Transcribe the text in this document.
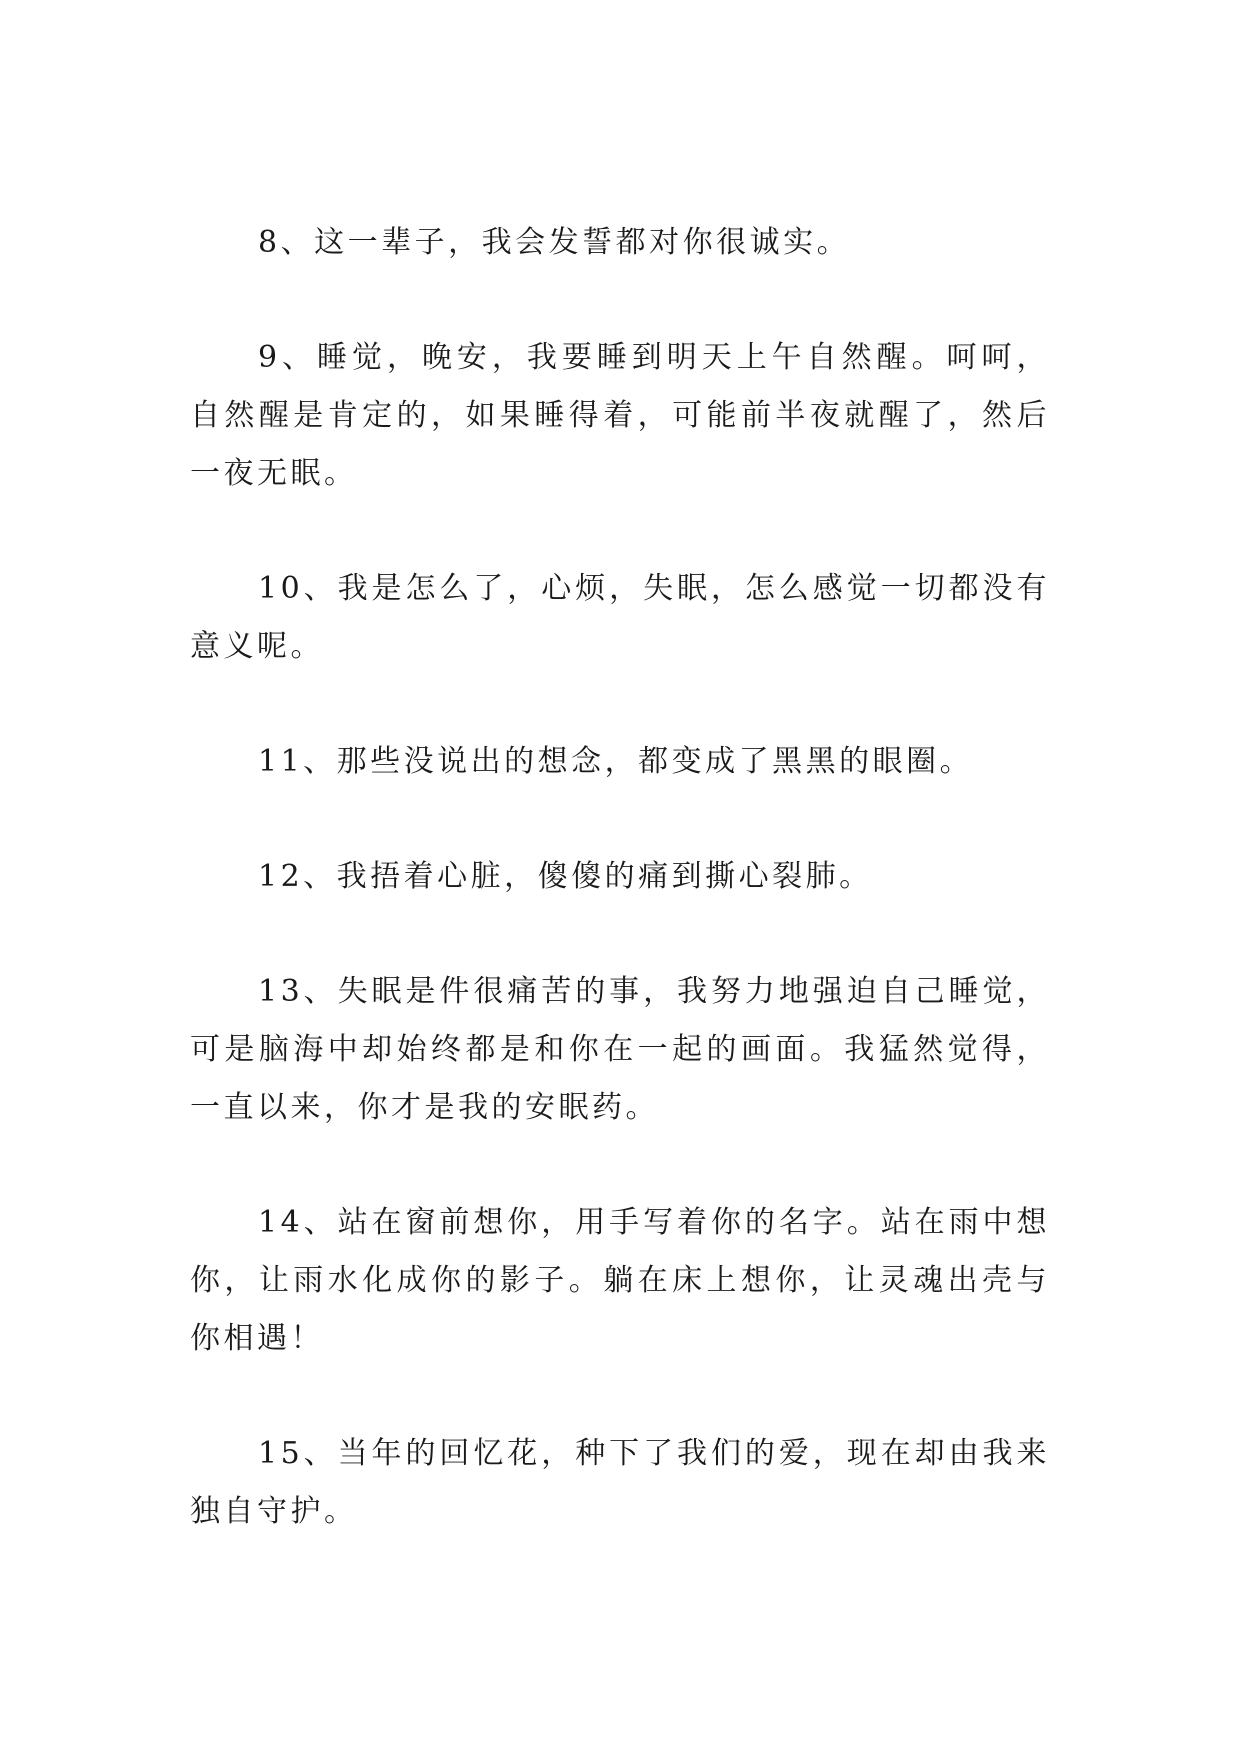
8、这一辈子，我会发誓都对你很诚实。

9、睡觉，晚安，我要睡到明天上午自然醒。呵呵，自然醒是肯定的，如果睡得着，可能前半夜就醒了，然后一夜无眠。

10、我是怎么了，心烦，失眠，怎么感觉一切都没有意义呢。

11、那些没说出的想念，都变成了黑黑的眼圈。

12、我捂着心脏，傻傻的痛到撕心裂肺。

13、失眠是件很痛苦的事，我努力地强迫自己睡觉，可是脑海中却始终都是和你在一起的画面。我猛然觉得，一直以来，你才是我的安眠药。

14、站在窗前想你，用手写着你的名字。站在雨中想你，让雨水化成你的影子。躺在床上想你，让灵魂出壳与你相遇！

15、当年的回忆花，种下了我们的爱，现在却由我来独自守护。
